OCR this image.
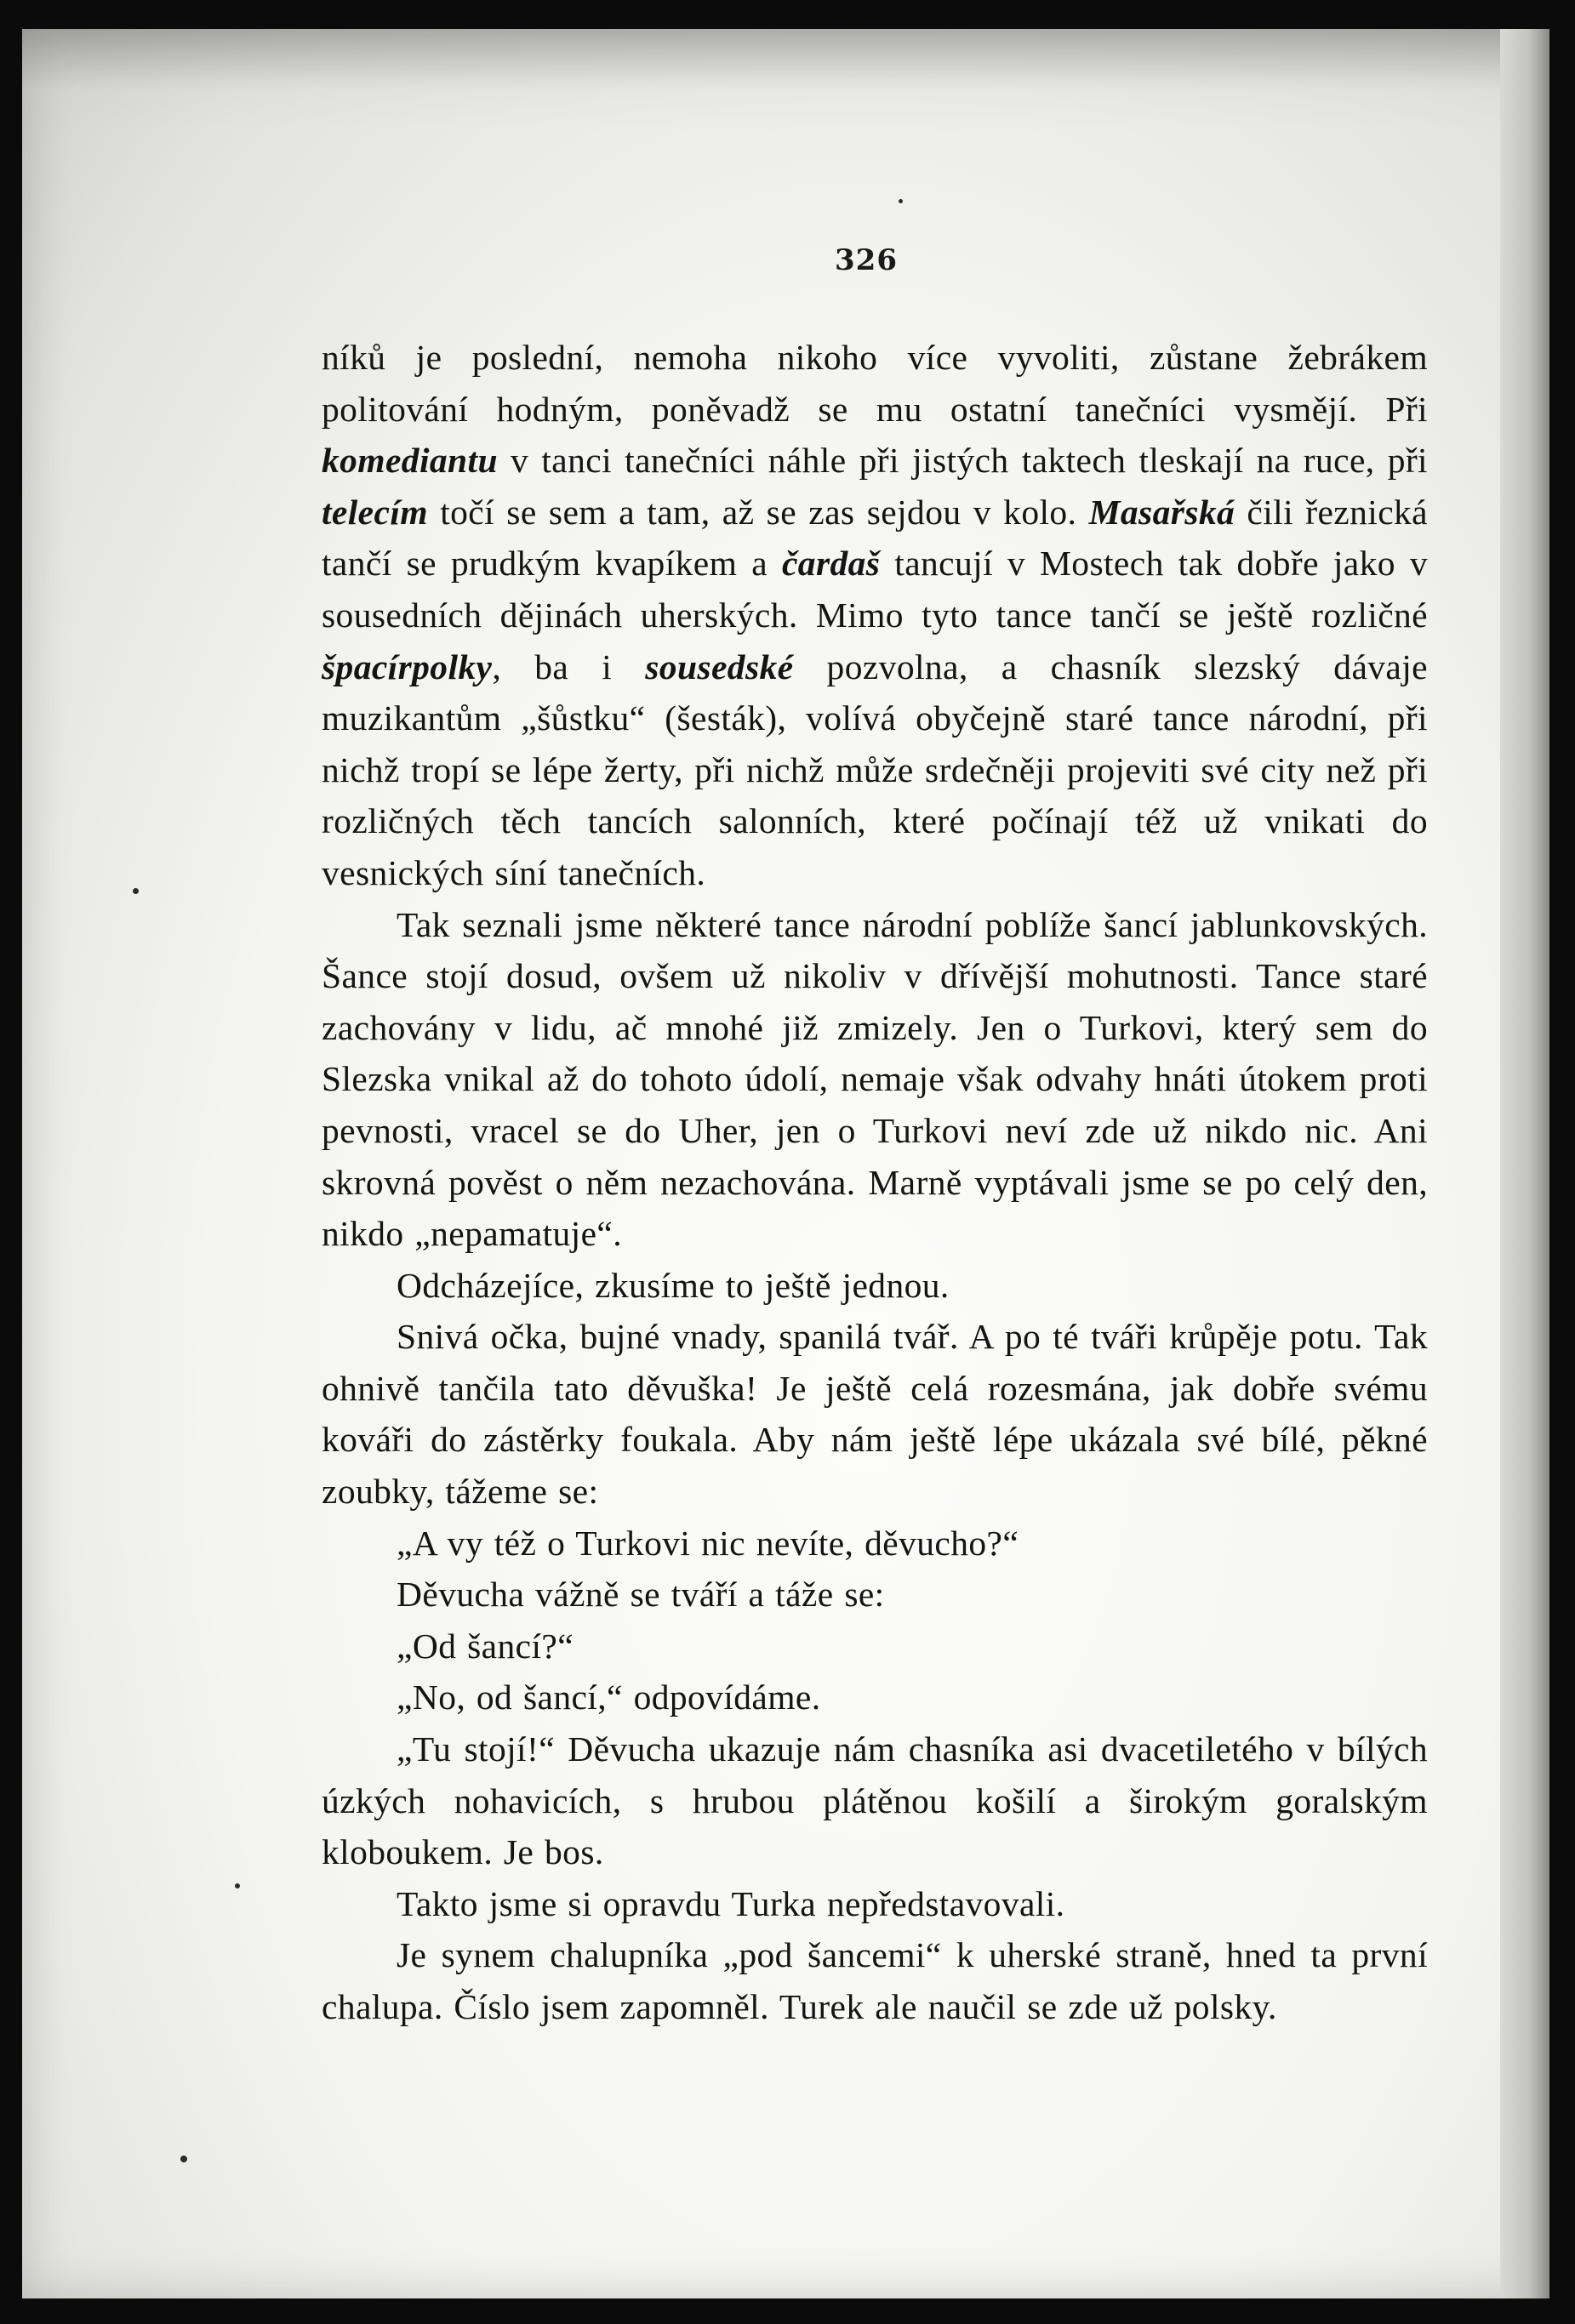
326

níků je poslední, nemoha nikoho více vyvoliti, zůstane žebrákem politování hodným, poněvadž se mu ostatní tanečníci vysmějí. Při komediantu v tanci tanečníci náhle při jistých taktech tleskají na ruce, při telecím točí se sem a tam, až se zas sejdou v kolo. Masařská čili řeznická tančí se prudkým kvapíkem a čardaš tancují v Mostech tak dobře jako v sousedních dějinách uherských. Mimo tyto tance tančí se ještě rozličné špacírpolky, ba i sousedské pozvolna, a chasník slezský dávaje muzikantům „šůstku“ (šesták), volívá obyčejně staré tance národní, při nichž tropí se lépe žerty, při nichž může srdečněji projeviti své city než při rozličných těch tancích salonních, které počínají též už vnikati do vesnických síní tanečních.

Tak seznali jsme některé tance národní poblíže šancí jablunkovských. Šance stojí dosud, ovšem už nikoliv v dřívější mohutnosti. Tance staré zachovány v lidu, ač mnohé již zmizely. Jen o Turkovi, který sem do Slezska vnikal až do tohoto údolí, nemaje však odvahy hnáti útokem proti pevnosti, vracel se do Uher, jen o Turkovi neví zde už nikdo nic. Ani skrovná pověst o něm nezachována. Marně vyptávali jsme se po celý den, nikdo „nepamatuje“.

Odcházejíce, zkusíme to ještě jednou.

Snivá očka, bujné vnady, spanilá tvář. A po té tváři krůpěje potu. Tak ohnivě tančila tato děvuška! Je ještě celá rozesmána, jak dobře svému kováři do zástěrky foukala. Aby nám ještě lépe ukázala své bílé, pěkné zoubky, tážeme se:

„A vy též o Turkovi nic nevíte, děvucho?“

Děvucha vážně se tváří a táže se:

„Od šancí?“

„No, od šancí,“ odpovídáme.

„Tu stojí!“ Děvucha ukazuje nám chasníka asi dvacetiletého v bílých úzkých nohavicích, s hrubou plátěnou košilí a širokým goralským kloboukem. Je bos.

Takto jsme si opravdu Turka nepředstavovali.

Je synem chalupníka „pod šancemi“ k uherské straně, hned ta první chalupa. Číslo jsem zapomněl. Turek ale naučil se zde už polsky.
